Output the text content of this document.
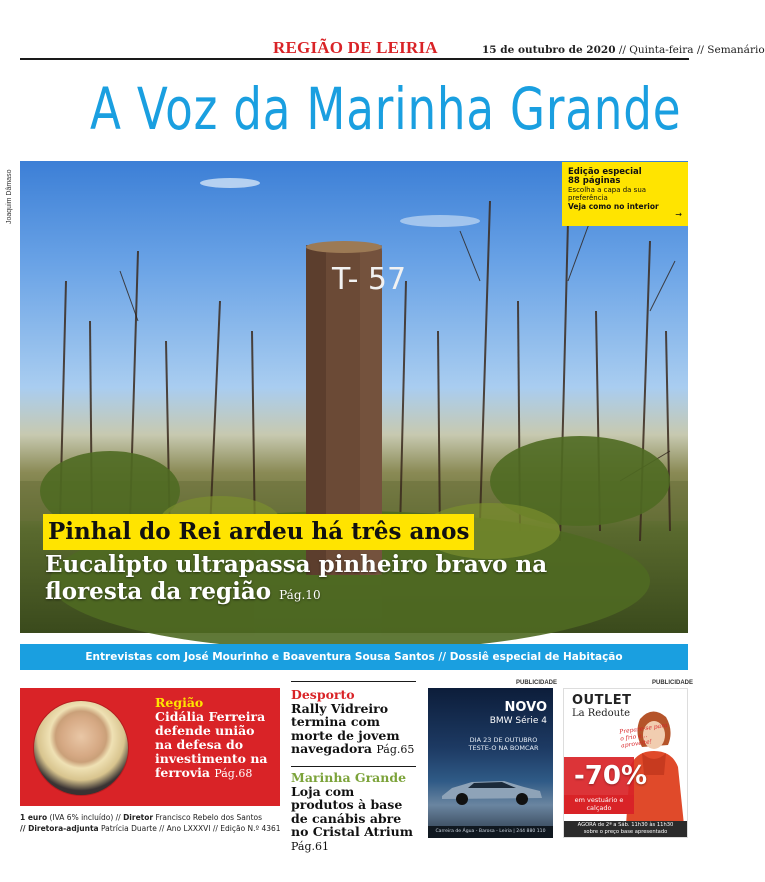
REGIÃO DE LEIRIA	15 de outubro de 2020 // Quinta-feira // Semanário
A Voz da Marinha Grande
Joaquim Dâmaso
T- 57
Edição especial
88 páginas
Escolha a capa da sua preferência
Veja como no interior
→
Pinhal do Rei ardeu há três anos
Eucalipto ultrapassa pinheiro bravo na floresta da região Pág.10
Entrevistas com José Mourinho e Boaventura Sousa Santos // Dossiê especial de Habitação
Região
Cidália Ferreira defende união na defesa do investimento na ferrovia Pág.68
1 euro (IVA 6% incluído) // Diretor Francisco Rebelo dos Santos
// Diretora-adjunta Patrícia Duarte // Ano LXXXVI // Edição N.º 4361
Desporto
Rally Vidreiro termina com morte de jovem navegadora Pág.65
Marinha Grande
Loja com produtos à base de canábis abre no Cristal Atrium Pág.61
PUBLICIDADE
NOVO
BMW Série 4
DIA 23 DE OUTUBRO TESTE-O NA BOMCAR
Carreira de Água - Barosa - Leiria | 244 880 110
PUBLICIDADE
OUTLET
La Redoute
Prepare-se para o frio e... aproveite!
-70%
em vestuário e calçado
AGORA de 2ª a Sáb. 11h30 às 11h30
sobre o preço base apresentado
